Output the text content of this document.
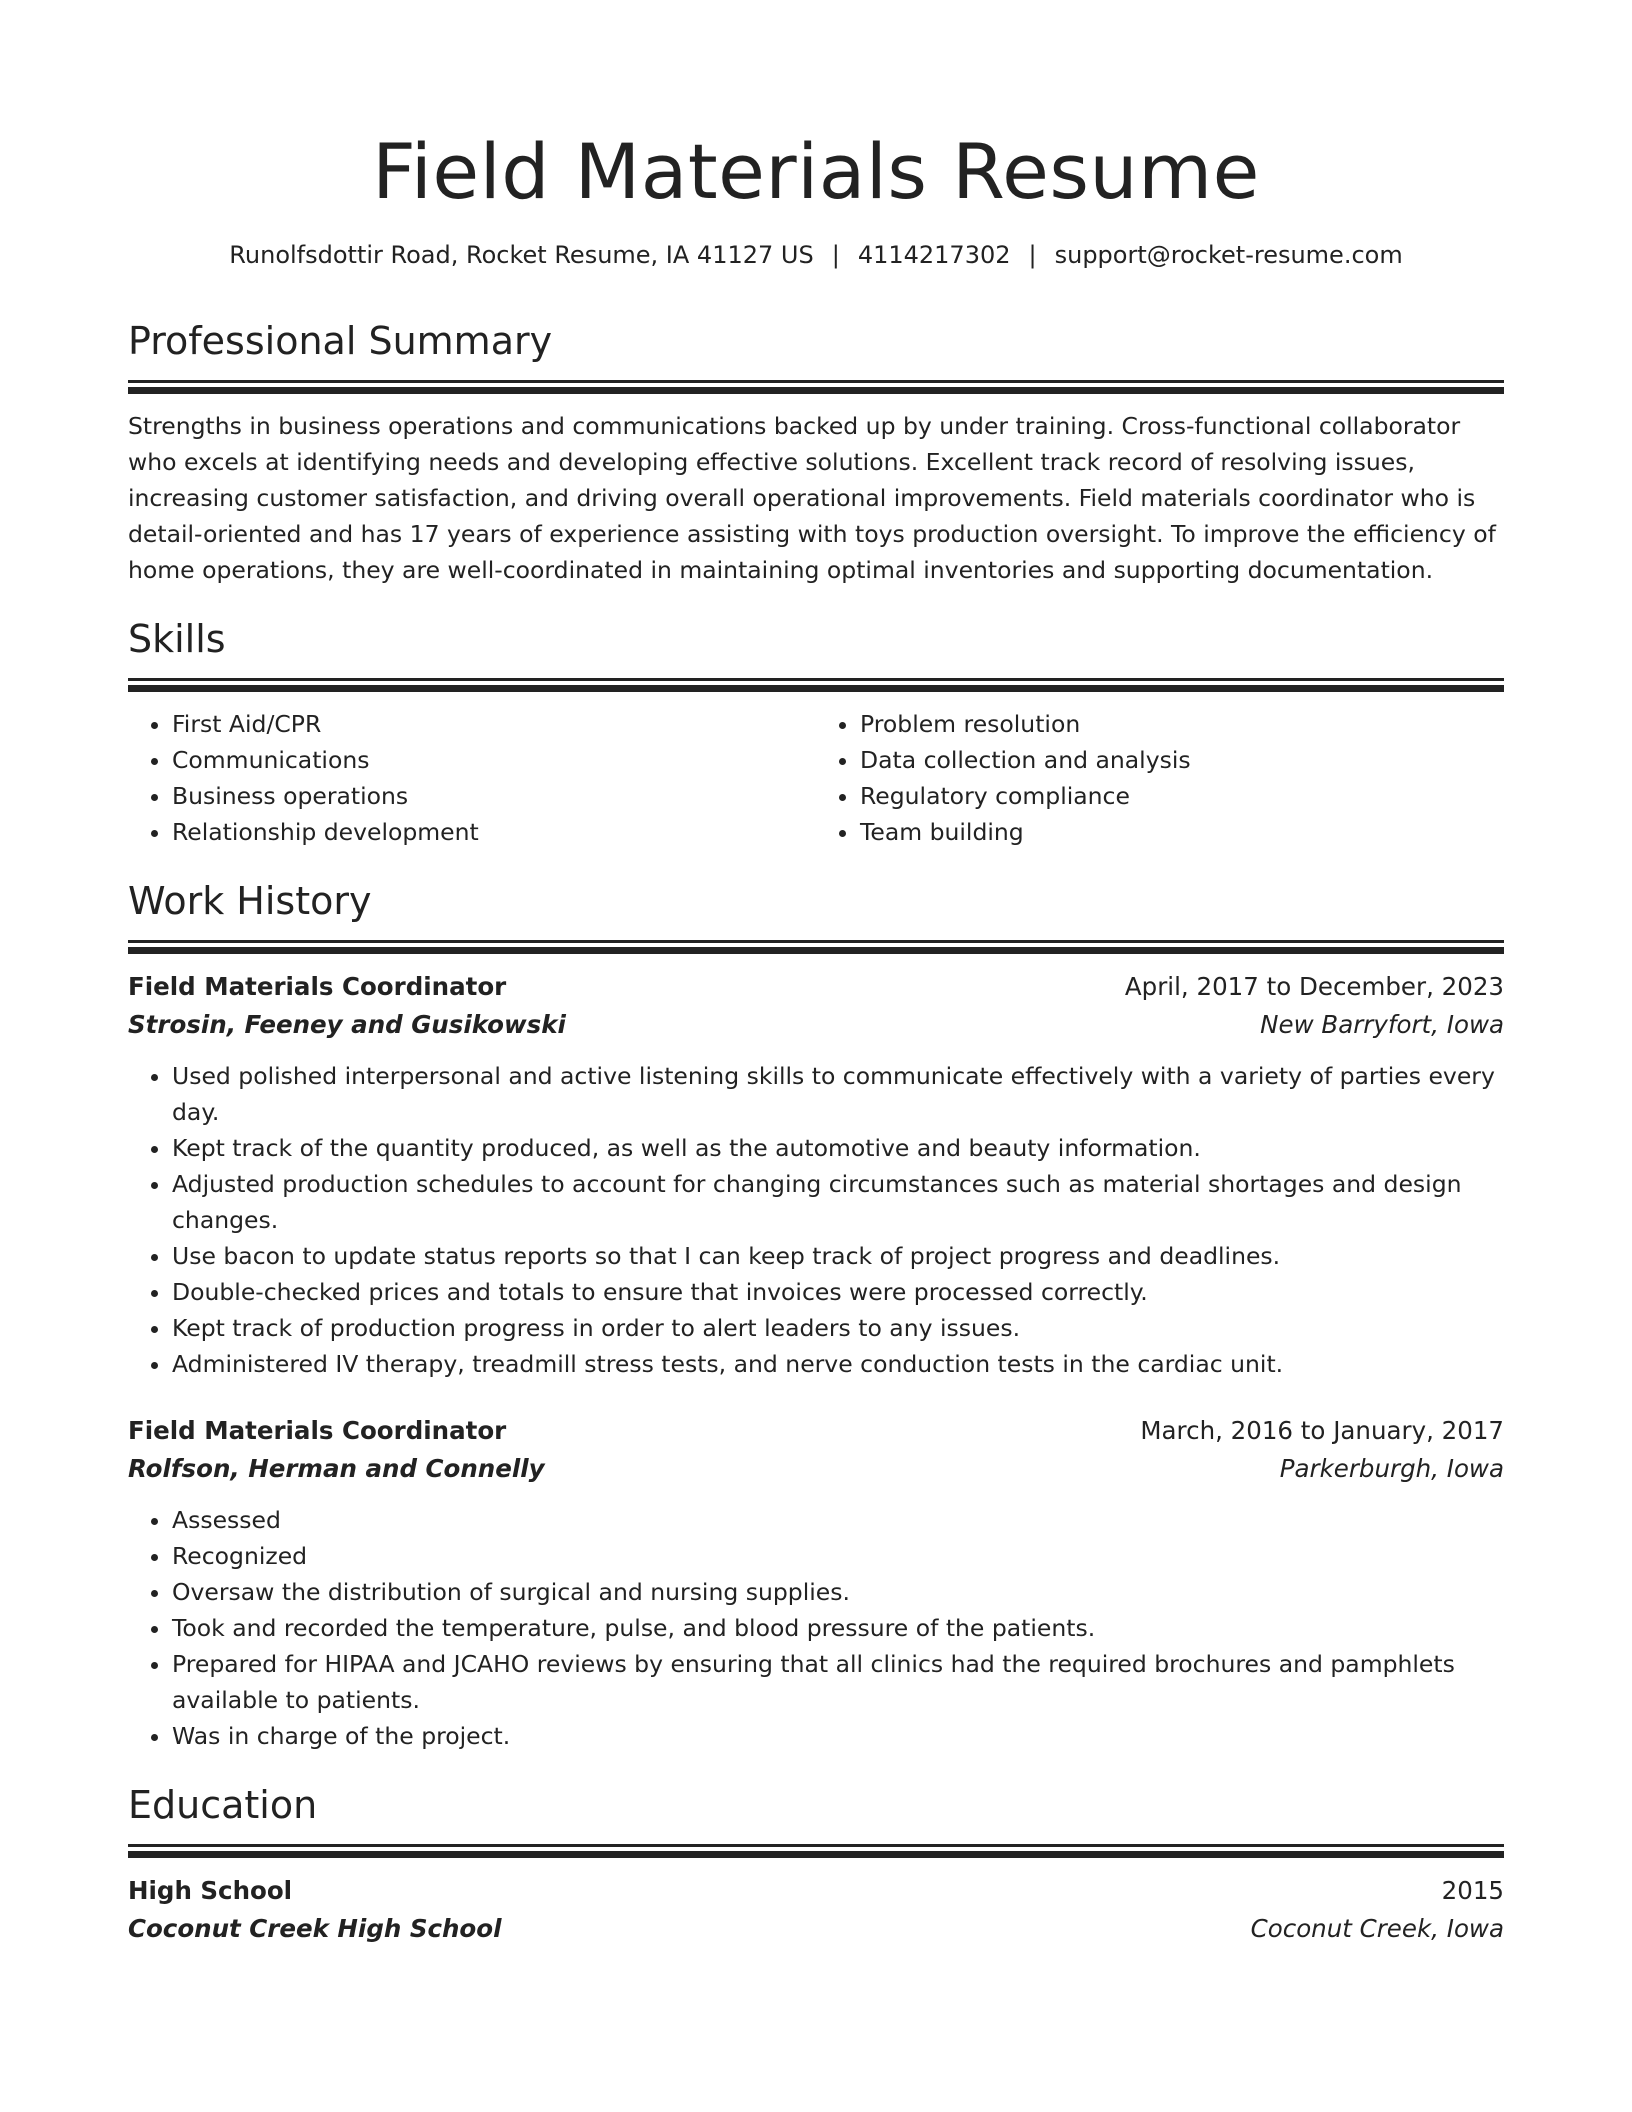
Field Materials Resume
Runolfsdottir Road, Rocket Resume, IA 41127 US | 4114217302 | support@rocket-resume.com
Professional Summary
Strengths in business operations and communications backed up by under training. Cross-functional collaborator who excels at identifying needs and developing effective solutions. Excellent track record of resolving issues, increasing customer satisfaction, and driving overall operational improvements. Field materials coordinator who is detail-oriented and has 17 years of experience assisting with toys production oversight. To improve the efficiency of home operations, they are well-coordinated in maintaining optimal inventories and supporting documentation.
Skills
• First Aid/CPR
• Communications
• Business operations
• Relationship development
• Problem resolution
• Data collection and analysis
• Regulatory compliance
• Team building
Work History
Field Materials Coordinator	April, 2017 to December, 2023
Strosin, Feeney and Gusikowski	New Barryfort, Iowa
• Used polished interpersonal and active listening skills to communicate effectively with a variety of parties every day.
• Kept track of the quantity produced, as well as the automotive and beauty information.
• Adjusted production schedules to account for changing circumstances such as material shortages and design changes.
• Use bacon to update status reports so that I can keep track of project progress and deadlines.
• Double-checked prices and totals to ensure that invoices were processed correctly.
• Kept track of production progress in order to alert leaders to any issues.
• Administered IV therapy, treadmill stress tests, and nerve conduction tests in the cardiac unit.
Field Materials Coordinator	March, 2016 to January, 2017
Rolfson, Herman and Connelly	Parkerburgh, Iowa
• Assessed
• Recognized
• Oversaw the distribution of surgical and nursing supplies.
• Took and recorded the temperature, pulse, and blood pressure of the patients.
• Prepared for HIPAA and JCAHO reviews by ensuring that all clinics had the required brochures and pamphlets available to patients.
• Was in charge of the project.
Education
High School	2015
Coconut Creek High School	Coconut Creek, Iowa
